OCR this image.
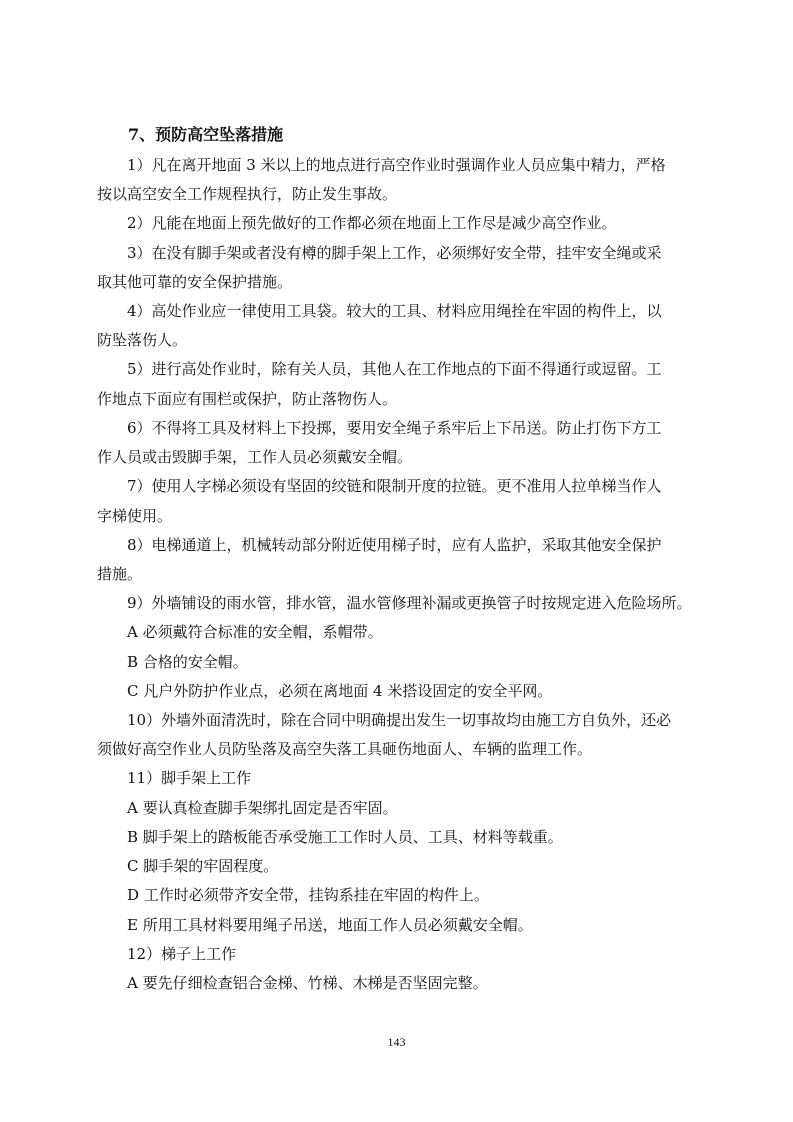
7、预防高空坠落措施
1）凡在离开地面 3 米以上的地点进行高空作业时强调作业人员应集中精力，严格
按以高空安全工作规程执行，防止发生事故。
2）凡能在地面上预先做好的工作都必须在地面上工作尽是减少高空作业。
3）在没有脚手架或者没有樽的脚手架上工作，必须绑好安全带，挂牢安全绳或采
取其他可靠的安全保护措施。
4）高处作业应一律使用工具袋。较大的工具、材料应用绳拴在牢固的构件上，以
防坠落伤人。
5）进行高处作业时，除有关人员，其他人在工作地点的下面不得通行或逗留。工
作地点下面应有围栏或保护，防止落物伤人。
6）不得将工具及材料上下投掷，要用安全绳子系牢后上下吊送。防止打伤下方工
作人员或击毁脚手架，工作人员必须戴安全帽。
7）使用人字梯必须设有坚固的绞链和限制开度的拉链。更不准用人拉单梯当作人
字梯使用。
8）电梯通道上，机械转动部分附近使用梯子时，应有人监护，采取其他安全保护
措施。
9）外墙铺设的雨水管，排水管，温水管修理补漏或更换管子时按规定进入危险场所。
A 必须戴符合标准的安全帽，系帽带。
B 合格的安全帽。
C 凡户外防护作业点，必须在离地面 4 米搭设固定的安全平网。
10）外墙外面清洗时，除在合同中明确提出发生一切事故均由施工方自负外，还必
须做好高空作业人员防坠落及高空失落工具砸伤地面人、车辆的监理工作。
11）脚手架上工作
A 要认真检查脚手架绑扎固定是否牢固。
B 脚手架上的踏板能否承受施工工作时人员、工具、材料等载重。
C 脚手架的牢固程度。
D 工作时必须带齐安全带，挂钩系挂在牢固的构件上。
E 所用工具材料要用绳子吊送，地面工作人员必须戴安全帽。
12）梯子上工作
A 要先仔细检查铝合金梯、竹梯、木梯是否坚固完整。
143
